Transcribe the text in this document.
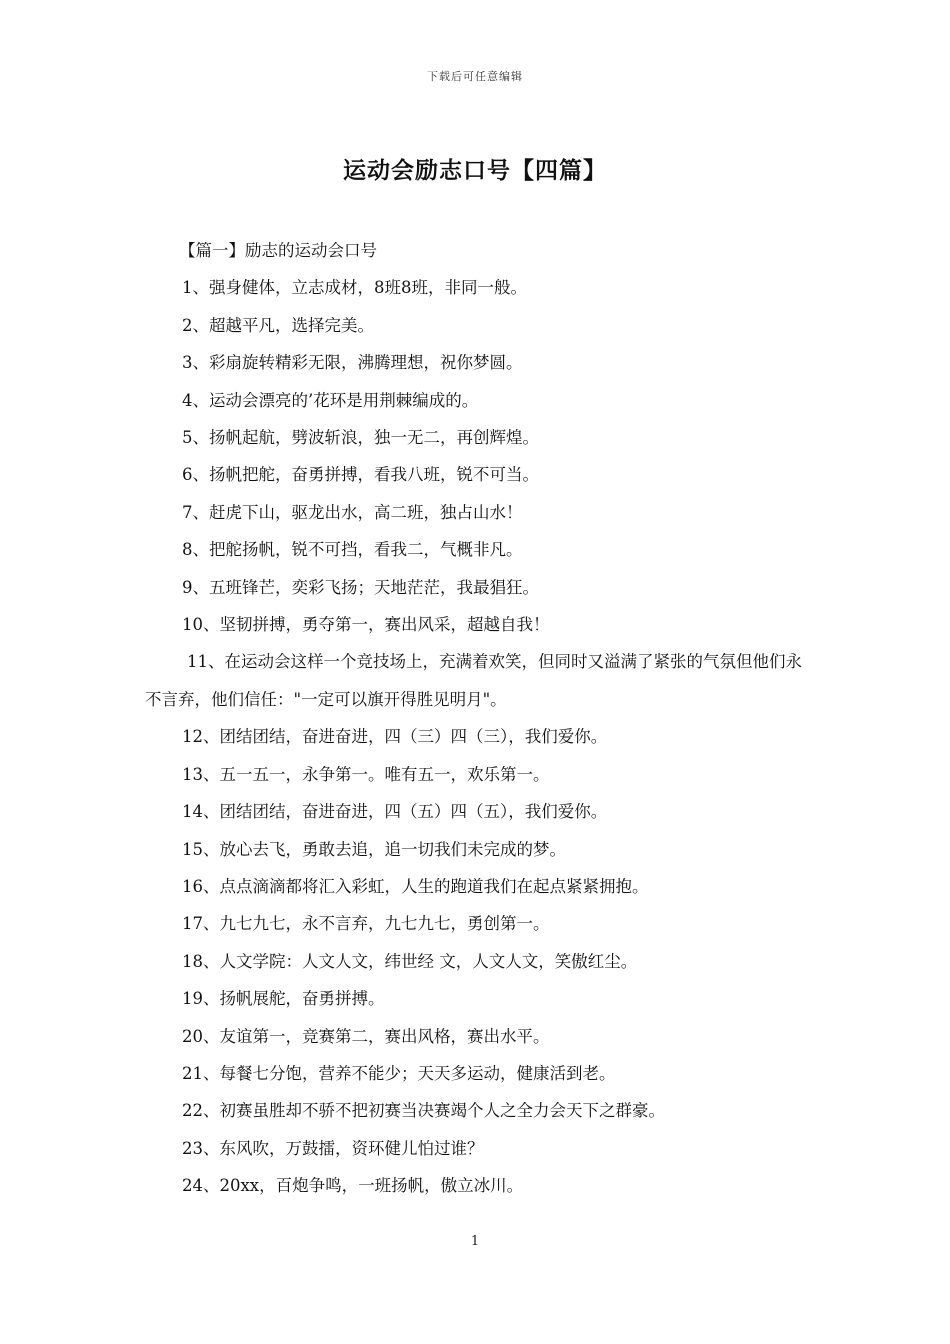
下载后可任意编辑
运动会励志口号【四篇】

【篇一】励志的运动会口号

1、强身健体，立志成材，8班8班，非同一般。

2、超越平凡，选择完美。

3、彩扇旋转精彩无限，沸腾理想，祝你梦圆。

4、运动会漂亮的’花环是用荆棘编成的。

5、扬帆起航，劈波斩浪，独一无二，再创辉煌。

6、扬帆把舵，奋勇拼搏，看我八班，锐不可当。

7、赶虎下山，驱龙出水，高二班，独占山水！

8、把舵扬帆，锐不可挡，看我二，气概非凡。

9、五班锋芒，奕彩飞扬；天地茫茫，我最猖狂。

10、坚韧拼搏，勇夺第一，赛出风采，超越自我！

11、在运动会这样一个竞技场上，充满着欢笑，但同时又溢满了紧张的气氛但他们永不言弃，他们信任："一定可以旗开得胜见明月"。

12、团结团结，奋进奋进，四（三）四（三），我们爱你。

13、五一五一，永争第一。唯有五一，欢乐第一。

14、团结团结，奋进奋进，四（五）四（五），我们爱你。

15、放心去飞，勇敢去追，追一切我们未完成的梦。

16、点点滴滴都将汇入彩虹，人生的跑道我们在起点紧紧拥抱。

17、九七九七，永不言弃，九七九七，勇创第一。

18、人文学院：人文人文，纬世经 文，人文人文，笑傲红尘。

19、扬帆展舵，奋勇拼搏。

20、友谊第一，竞赛第二，赛出风格，赛出水平。

21、每餐七分饱，营养不能少；天天多运动，健康活到老。

22、初赛虽胜却不骄不把初赛当决赛竭个人之全力会天下之群豪。

23、东风吹，万鼓擂，资环健儿怕过谁？

24、20xx，百炮争鸣，一班扬帆，傲立冰川。

1
